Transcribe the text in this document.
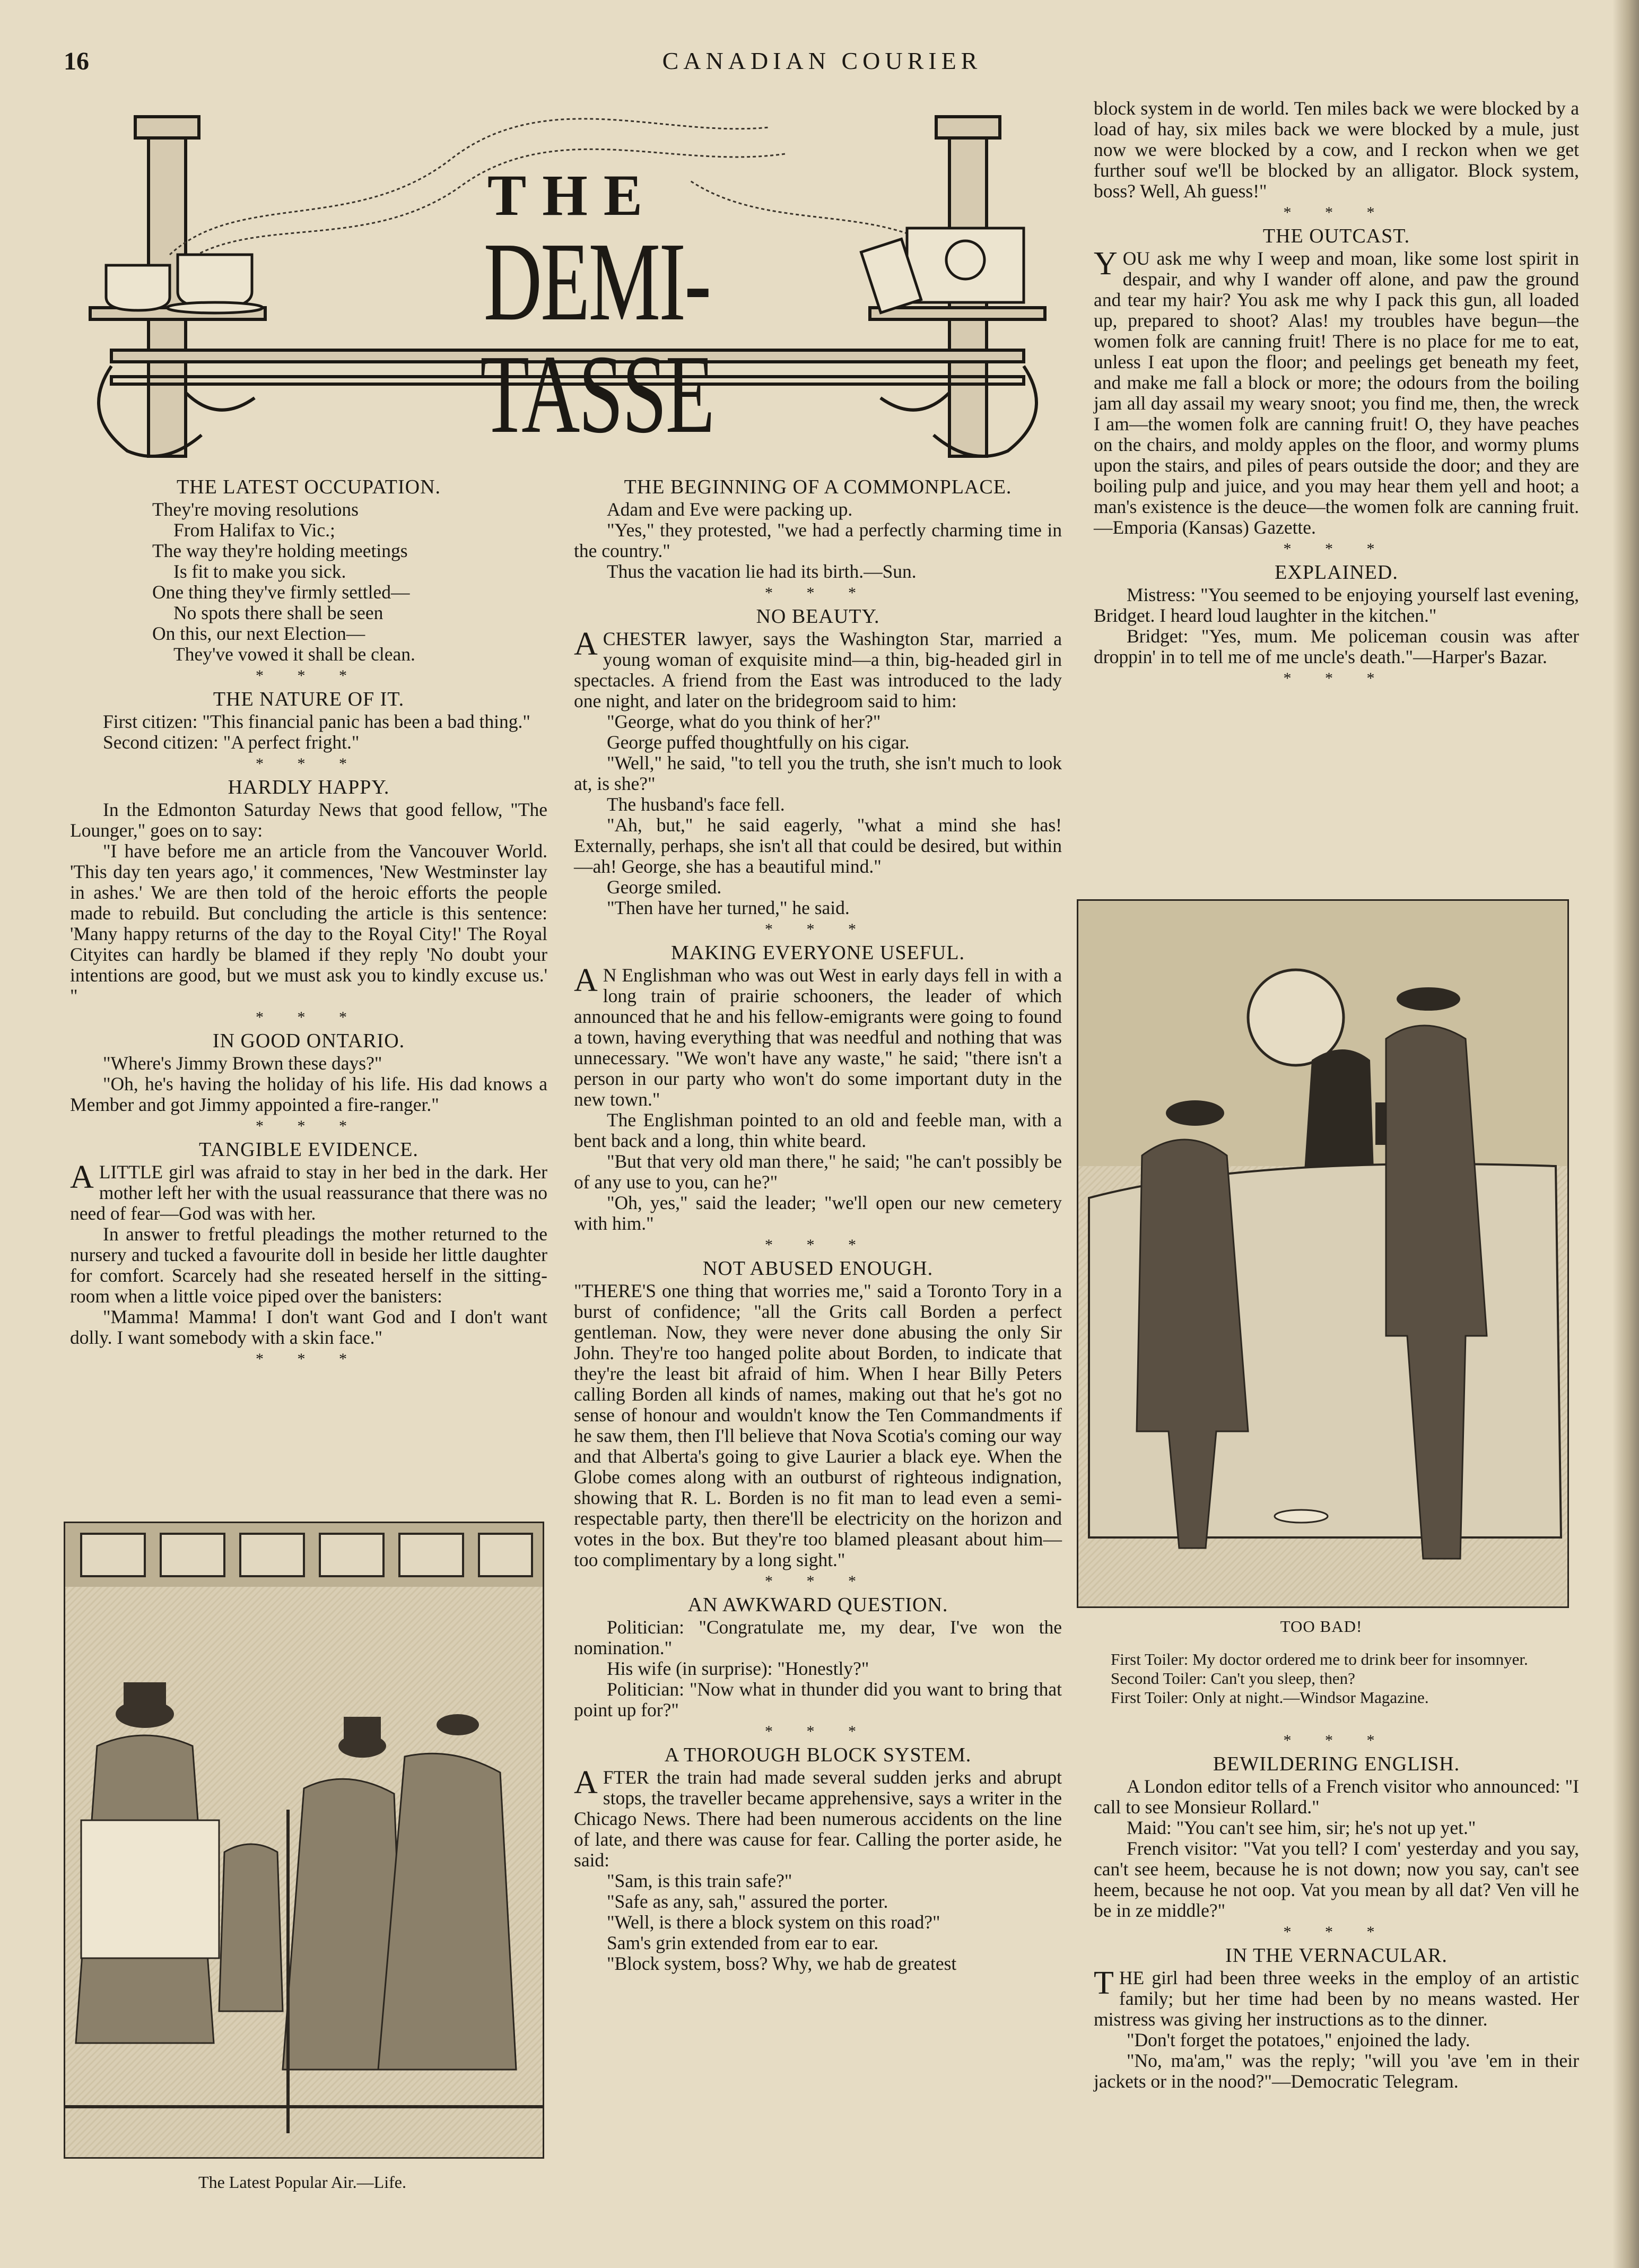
16	CANADIAN COURIER
THE
DEMI-TASSE

THE LATEST OCCUPATION.

They're moving resolutions
From Halifax to Vic.;
The way they're holding meetings
Is fit to make you sick.
One thing they've firmly settled—
No spots there shall be seen
On this, our next Election—
They've vowed it shall be clean.
* * *

THE NATURE OF IT.

First citizen: "This financial panic has been a bad thing."

Second citizen: "A perfect fright."

* * *

HARDLY HAPPY.

In the Edmonton Saturday News that good fellow, "The Lounger," goes on to say:

"I have before me an article from the Vancouver World. 'This day ten years ago,' it commences, 'New Westminster lay in ashes.' We are then told of the heroic efforts the people made to rebuild. But concluding the article is this sentence: 'Many happy returns of the day to the Royal City!' The Royal Cityites can hardly be blamed if they reply 'No doubt your intentions are good, but we must ask you to kindly excuse us.' "

* * *

IN GOOD ONTARIO.

"Where's Jimmy Brown these days?"

"Oh, he's having the holiday of his life. His dad knows a Member and got Jimmy appointed a fire-ranger."

* * *

TANGIBLE EVIDENCE.

ALITTLE girl was afraid to stay in her bed in the dark. Her mother left her with the usual reassurance that there was no need of fear—God was with her.

In answer to fretful pleadings the mother returned to the nursery and tucked a favourite doll in beside her little daughter for comfort. Scarcely had she reseated herself in the sitting-room when a little voice piped over the banisters:

"Mamma! Mamma! I don't want God and I don't want dolly. I want somebody with a skin face."

* * *
The Latest Popular Air.—Life.

THE BEGINNING OF A COMMONPLACE.

Adam and Eve were packing up.

"Yes," they protested, "we had a perfectly charming time in the country."

Thus the vacation lie had its birth.—Sun.

* * *

NO BEAUTY.

ACHESTER lawyer, says the Washington Star, married a young woman of exquisite mind—a thin, big-headed girl in spectacles. A friend from the East was introduced to the lady one night, and later on the bridegroom said to him:

"George, what do you think of her?"

George puffed thoughtfully on his cigar.

"Well," he said, "to tell you the truth, she isn't much to look at, is she?"

The husband's face fell.

"Ah, but," he said eagerly, "what a mind she has! Externally, perhaps, she isn't all that could be desired, but within—ah! George, she has a beautiful mind."

George smiled.

"Then have her turned," he said.

* * *

MAKING EVERYONE USEFUL.

AN Englishman who was out West in early days fell in with a long train of prairie schooners, the leader of which announced that he and his fellow-emigrants were going to found a town, having everything that was needful and nothing that was unnecessary. "We won't have any waste," he said; "there isn't a person in our party who won't do some important duty in the new town."

The Englishman pointed to an old and feeble man, with a bent back and a long, thin white beard.

"But that very old man there," he said; "he can't possibly be of any use to you, can he?"

"Oh, yes," said the leader; "we'll open our new cemetery with him."

* * *

NOT ABUSED ENOUGH.

"THERE'S one thing that worries me," said a Toronto Tory in a burst of confidence; "all the Grits call Borden a perfect gentleman. Now, they were never done abusing the only Sir John. They're too hanged polite about Borden, to indicate that they're the least bit afraid of him. When I hear Billy Peters calling Borden all kinds of names, making out that he's got no sense of honour and wouldn't know the Ten Commandments if he saw them, then I'll believe that Nova Scotia's coming our way and that Alberta's going to give Laurier a black eye. When the Globe comes along with an outburst of righteous indignation, showing that R. L. Borden is no fit man to lead even a semi-respectable party, then there'll be electricity on the horizon and votes in the box. But they're too blamed pleasant about him—too complimentary by a long sight."

* * *

AN AWKWARD QUESTION.

Politician: "Congratulate me, my dear, I've won the nomination."

His wife (in surprise): "Honestly?"

Politician: "Now what in thunder did you want to bring that point up for?"

* * *

A THOROUGH BLOCK SYSTEM.

AFTER the train had made several sudden jerks and abrupt stops, the traveller became apprehensive, says a writer in the Chicago News. There had been numerous accidents on the line of late, and there was cause for fear. Calling the porter aside, he said:

"Sam, is this train safe?"

"Safe as any, sah," assured the porter.

"Well, is there a block system on this road?"

Sam's grin extended from ear to ear.

"Block system, boss? Why, we hab de greatest

block system in de world. Ten miles back we were blocked by a load of hay, six miles back we were blocked by a mule, just now we were blocked by a cow, and I reckon when we get further souf we'll be blocked by an alligator. Block system, boss? Well, Ah guess!"

* * *

THE OUTCAST.

YOU ask me why I weep and moan, like some lost spirit in despair, and why I wander off alone, and paw the ground and tear my hair? You ask me why I pack this gun, all loaded up, prepared to shoot? Alas! my troubles have begun—the women folk are canning fruit! There is no place for me to eat, unless I eat upon the floor; and peelings get beneath my feet, and make me fall a block or more; the odours from the boiling jam all day assail my weary snoot; you find me, then, the wreck I am—the women folk are canning fruit! O, they have peaches on the chairs, and moldy apples on the floor, and wormy plums upon the stairs, and piles of pears outside the door; and they are boiling pulp and juice, and you may hear them yell and hoot; a man's existence is the deuce—the women folk are canning fruit.—Emporia (Kansas) Gazette.

* * *

EXPLAINED.

Mistress: "You seemed to be enjoying yourself last evening, Bridget. I heard loud laughter in the kitchen."

Bridget: "Yes, mum. Me policeman cousin was after droppin' in to tell me of me uncle's death."—Harper's Bazar.

* * *
TOO BAD!

First Toiler: My doctor ordered me to drink beer for insomnyer.

Second Toiler: Can't you sleep, then?

First Toiler: Only at night.—Windsor Magazine.

* * *

BEWILDERING ENGLISH.

A London editor tells of a French visitor who announced: "I call to see Monsieur Rollard."

Maid: "You can't see him, sir; he's not up yet."

French visitor: "Vat you tell? I com' yesterday and you say, can't see heem, because he is not down; now you say, can't see heem, because he not oop. Vat you mean by all dat? Ven vill he be in ze middle?"

* * *

IN THE VERNACULAR.

THE girl had been three weeks in the employ of an artistic family; but her time had been by no means wasted. Her mistress was giving her instructions as to the dinner.

"Don't forget the potatoes," enjoined the lady.

"No, ma'am," was the reply; "will you 'ave 'em in their jackets or in the nood?"—Democratic Telegram.
